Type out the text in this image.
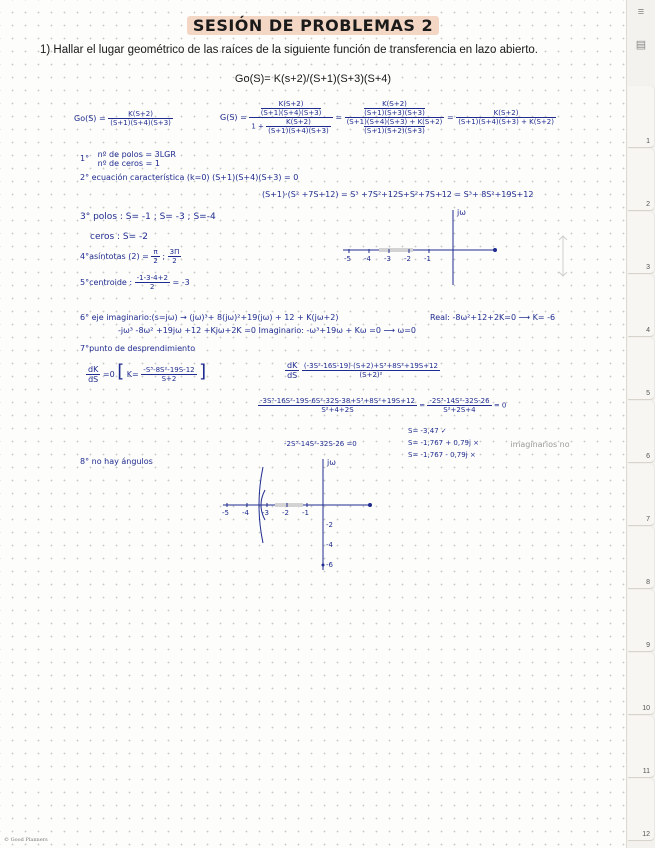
SESIÓN DE PROBLEMAS 2
1) Hallar el lugar geométrico de las raíces de la siguiente función de transferencia en lazo abierto.
Go(S)= K(s+2)/(S+1)(S+3)(S+4)
$Go(S) = \frac{K(S+2)}{(S+1)(S+4)(S+3)}$	G(S) =
K(S+2)
(S+1)(S+4)(S+3)
$1 + \frac{K(S+2)}{(S+1)(S+4)(S+3)}$
=
K(S+2)
(S+1)(S+3)(S+3)
(S+1)(S+4)(S+3) + K(S+2)
(S+1)(S+2)(S+3)
= $\frac{K(S+2)}{(S+1)(S+4)(S+3) + K(S+2)}$
1° nº de polos = 3LGR
nº de ceros = 1
2° ecuación característica (k=0) (S+1)(S+4)(S+3) = 0
(S+1)·(S² +7S+12) = S³ +7S²+12S+S²+7S+12 = S³+ 8S²+19S+12
3° polos : S= -1 ; S= -3 ; S=-4
ceros : S= -2
4°asíntotas $(2) = \frac{\pi}{2}$ ; $\frac{3\Pi}{2}$
5°centroide : $\frac{-1-3-4+2}{2} = -3$
jω
-5 -4 -3 -2 -1
6° eje imaginario:(s=jω) → (jω)³+ 8(jω)²+19(jω) + 12 + K(jω+2)	Real: -8ω²+12+2K=0 ⟶ K= -6
-jω³ -8ω² +19jω +12 +Kjω+2K =0 Imaginario: -ω³+19ω + Kω =0 ⟶ ω=0
7°punto de desprendimiento
$\frac{dK}{dS} =0$ [ $K= \frac{\text{-S³-8S²-19S-12}}{S+2}$ ]	$\frac{dK}{dS}$
$\frac{\text{(-3S²-16S-19)·(S+2)+S³+8S²+19S+12}}{\text{(S+2)²}}$
$\frac{\text{-3S³-16S²-19S-6S²-32S-38+S³+8S²+19S+12}}{\text{S²+4+2S}} = \frac{\text{-2S³-14S²-32S-26}}{\text{S²+2S+4}} = 0$
-2S³-14S²-32S-26 =0
S= -3,47 ✓
S= -1,767 + 0,79j ×
S= -1,767 - 0,79j ×
imaginarios no
8° no hay ángulos	jω
-5 -4 -3 -2 -1
-2
-4
-6
© Good Planners
≡
▤
1
2
3
4
5
6
7
8
9
10
11
12
